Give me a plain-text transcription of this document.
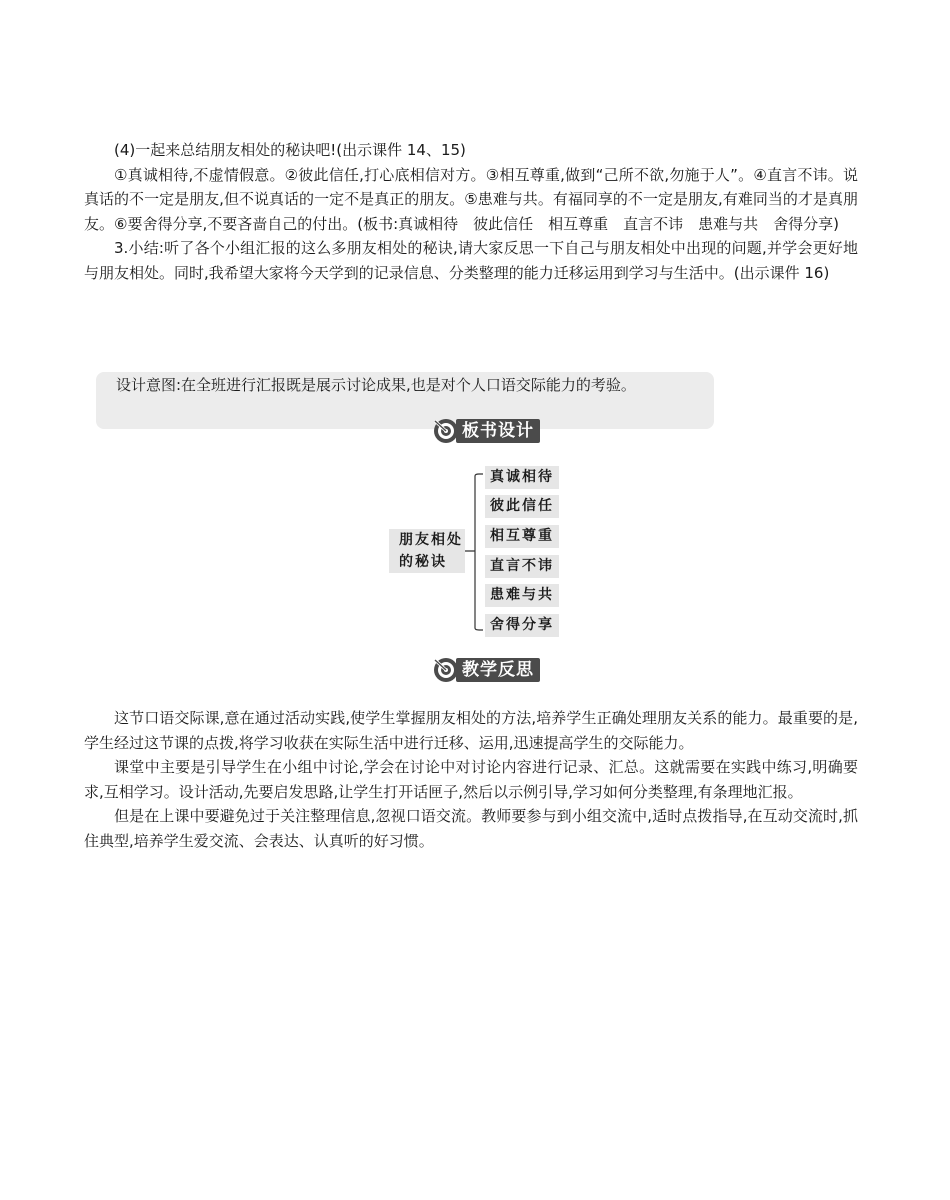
(4)一起来总结朋友相处的秘诀吧!(出示课件 14、15)

①真诚相待,不虚情假意。②彼此信任,打心底相信对方。③相互尊重,做到“己所不欲,勿施于人”。④直言不讳。说真话的不一定是朋友,但不说真话的一定不是真正的朋友。⑤患难与共。有福同享的不一定是朋友,有难同当的才是真朋友。⑥要舍得分享,不要吝啬自己的付出。(板书:真诚相待　彼此信任　相互尊重　直言不讳　患难与共　舍得分享)

3.小结:听了各个小组汇报的这么多朋友相处的秘诀,请大家反思一下自己与朋友相处中出现的问题,并学会更好地与朋友相处。同时,我希望大家将今天学到的记录信息、分类整理的能力迁移运用到学习与生活中。(出示课件 16)

设计意图:在全班进行汇报既是展示讨论成果,也是对个人口语交际能力的考验。

板书设计
朋友相处
的秘诀
真诚相待
彼此信任
相互尊重
直言不讳
患难与共
舍得分享
教学反思

这节口语交际课,意在通过活动实践,使学生掌握朋友相处的方法,培养学生正确处理朋友关系的能力。最重要的是,学生经过这节课的点拨,将学习收获在实际生活中进行迁移、运用,迅速提高学生的交际能力。

课堂中主要是引导学生在小组中讨论,学会在讨论中对讨论内容进行记录、汇总。这就需要在实践中练习,明确要求,互相学习。设计活动,先要启发思路,让学生打开话匣子,然后以示例引导,学习如何分类整理,有条理地汇报。

但是在上课中要避免过于关注整理信息,忽视口语交流。教师要参与到小组交流中,适时点拨指导,在互动交流时,抓住典型,培养学生爱交流、会表达、认真听的好习惯。
